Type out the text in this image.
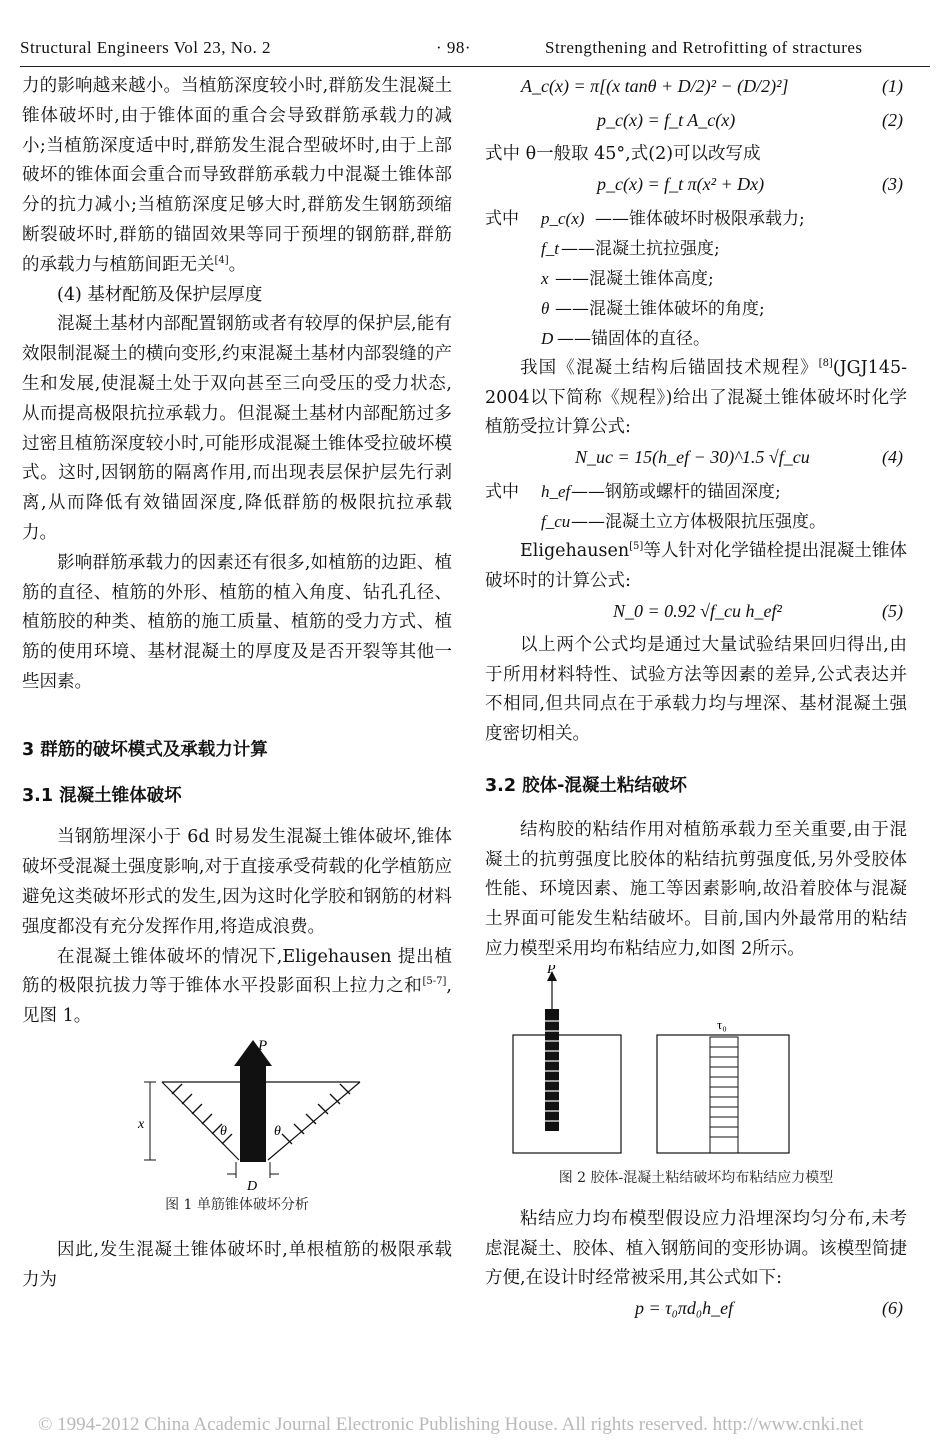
Structural Engineers Vol 23, No. 2	· 98·	Strengthening and Retrofitting of stractures

力的影响越来越小。当植筋深度较小时,群筋发生混凝土锥体破坏时,由于锥体面的重合会导致群筋承载力的减小;当植筋深度适中时,群筋发生混合型破坏时,由于上部破坏的锥体面会重合而导致群筋承载力中混凝土锥体部分的抗力减小;当植筋深度足够大时,群筋发生钢筋颈缩断裂破坏时,群筋的锚固效果等同于预埋的钢筋群,群筋的承载力与植筋间距无关[4]。

(4) 基材配筋及保护层厚度

混凝土基材内部配置钢筋或者有较厚的保护层,能有效限制混凝土的横向变形,约束混凝土基材内部裂缝的产生和发展,使混凝土处于双向甚至三向受压的受力状态,从而提高极限抗拉承载力。但混凝土基材内部配筋过多过密且植筋深度较小时,可能形成混凝土锥体受拉破坏模式。这时,因钢筋的隔离作用,而出现表层保护层先行剥离,从而降低有效锚固深度,降低群筋的极限抗拉承载力。

影响群筋承载力的因素还有很多,如植筋的边距、植筋的直径、植筋的外形、植筋的植入角度、钻孔孔径、植筋胶的种类、植筋的施工质量、植筋的受力方式、植筋的使用环境、基材混凝土的厚度及是否开裂等其他一些因素。

3 群筋的破坏模式及承载力计算

3.1 混凝土锥体破坏

当钢筋埋深小于 6d 时易发生混凝土锥体破坏,锥体破坏受混凝土强度影响,对于直接承受荷载的化学植筋应避免这类破坏形式的发生,因为这时化学胶和钢筋的材料强度都没有充分发挥作用,将造成浪费。

在混凝土锥体破坏的情况下,Eligehausen 提出植筋的极限抗拔力等于锥体水平投影面积上拉力之和[5-7],见图 1。

P
x	θ	θ
D
图 1 单筋锥体破坏分析

因此,发生混凝土锥体破坏时,单根植筋的极限承载力为

A_c(x) = π[(x tanθ + D/2)² − (D/2)²]	(1)
p_c(x) = f_t A_c(x)	(2)

式中 θ一般取 45°,式(2)可以改写成

p_c(x) = f_t π(x² + Dx)	(3)
式中 p_c(x) ——锥体破坏时极限承载力;
f_t ——混凝土抗拉强度;
x ——混凝土锥体高度;
θ ——混凝土锥体破坏的角度;
D ——锚固体的直径。

我国《混凝土结构后锚固技术规程》[8](JGJ145-2004以下简称《规程》)给出了混凝土锥体破坏时化学植筋受拉计算公式:

N_uc = 15(h_ef − 30)^1.5 √f_cu	(4)
式中 h_ef ——钢筋或螺杆的锚固深度;
f_cu ——混凝土立方体极限抗压强度。

Eligehausen[5]等人针对化学锚栓提出混凝土锥体破坏时的计算公式:

N_0 = 0.92 √f_cu h_ef²	(5)

以上两个公式均是通过大量试验结果回归得出,由于所用材料特性、试验方法等因素的差异,公式表达并不相同,但共同点在于承载力均与埋深、基材混凝土强度密切相关。

3.2 胶体-混凝土粘结破坏

结构胶的粘结作用对植筋承载力至关重要,由于混凝土的抗剪强度比胶体的粘结抗剪强度低,另外受胶体性能、环境因素、施工等因素影响,故沿着胶体与混凝土界面可能发生粘结破坏。目前,国内外最常用的粘结应力模型采用均布粘结应力,如图 2所示。

P
τ₀
图 2 胶体-混凝土粘结破坏均布粘结应力模型

粘结应力均布模型假设应力沿埋深均匀分布,未考虑混凝土、胶体、植入钢筋间的变形协调。该模型简捷方便,在设计时经常被采用,其公式如下:

p = τ₀πd₀h_ef	(6)
© 1994-2012 China Academic Journal Electronic Publishing House. All rights reserved. http://www.cnki.net
